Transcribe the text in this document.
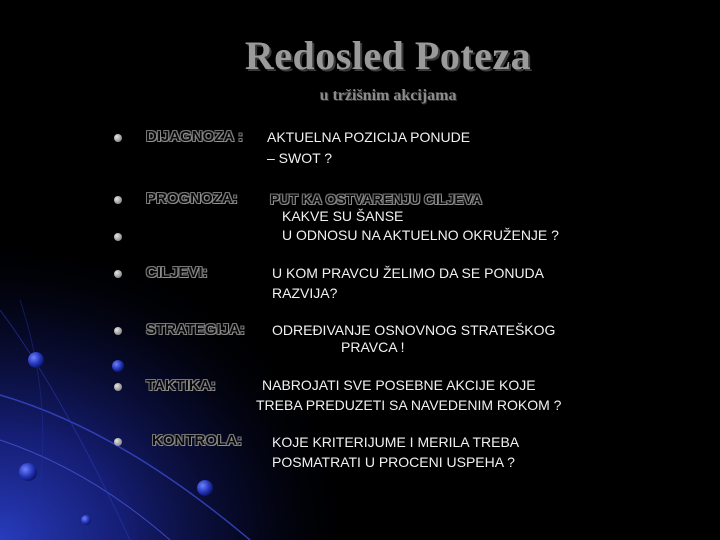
Redosled Poteza
u tržišnim akcijama
DIJAGNOZA : AKTUELNA POZICIJA PONUDE
– SWOT ?
PROGNOZA: PUT KA OSTVARENJU CILJEVA
KAKVE SU ŠANSE
U ODNOSU NA AKTUELNO OKRUŽENJE ?
CILJEVI:	U KOM PRAVCU ŽELIMO DA SE PONUDA
RAZVIJA?
STRATEGIJA: ODREĐIVANJE OSNOVNOG STRATEŠKOG
PRAVCA !
TAKTIKA:	NABROJATI SVE POSEBNE AKCIJE KOJE
TREBA PREDUZETI SA NAVEDENIM ROKOM ?
KONTROLA: KOJE KRITERIJUME I MERILA TREBA
POSMATRATI U PROCENI USPEHA ?
